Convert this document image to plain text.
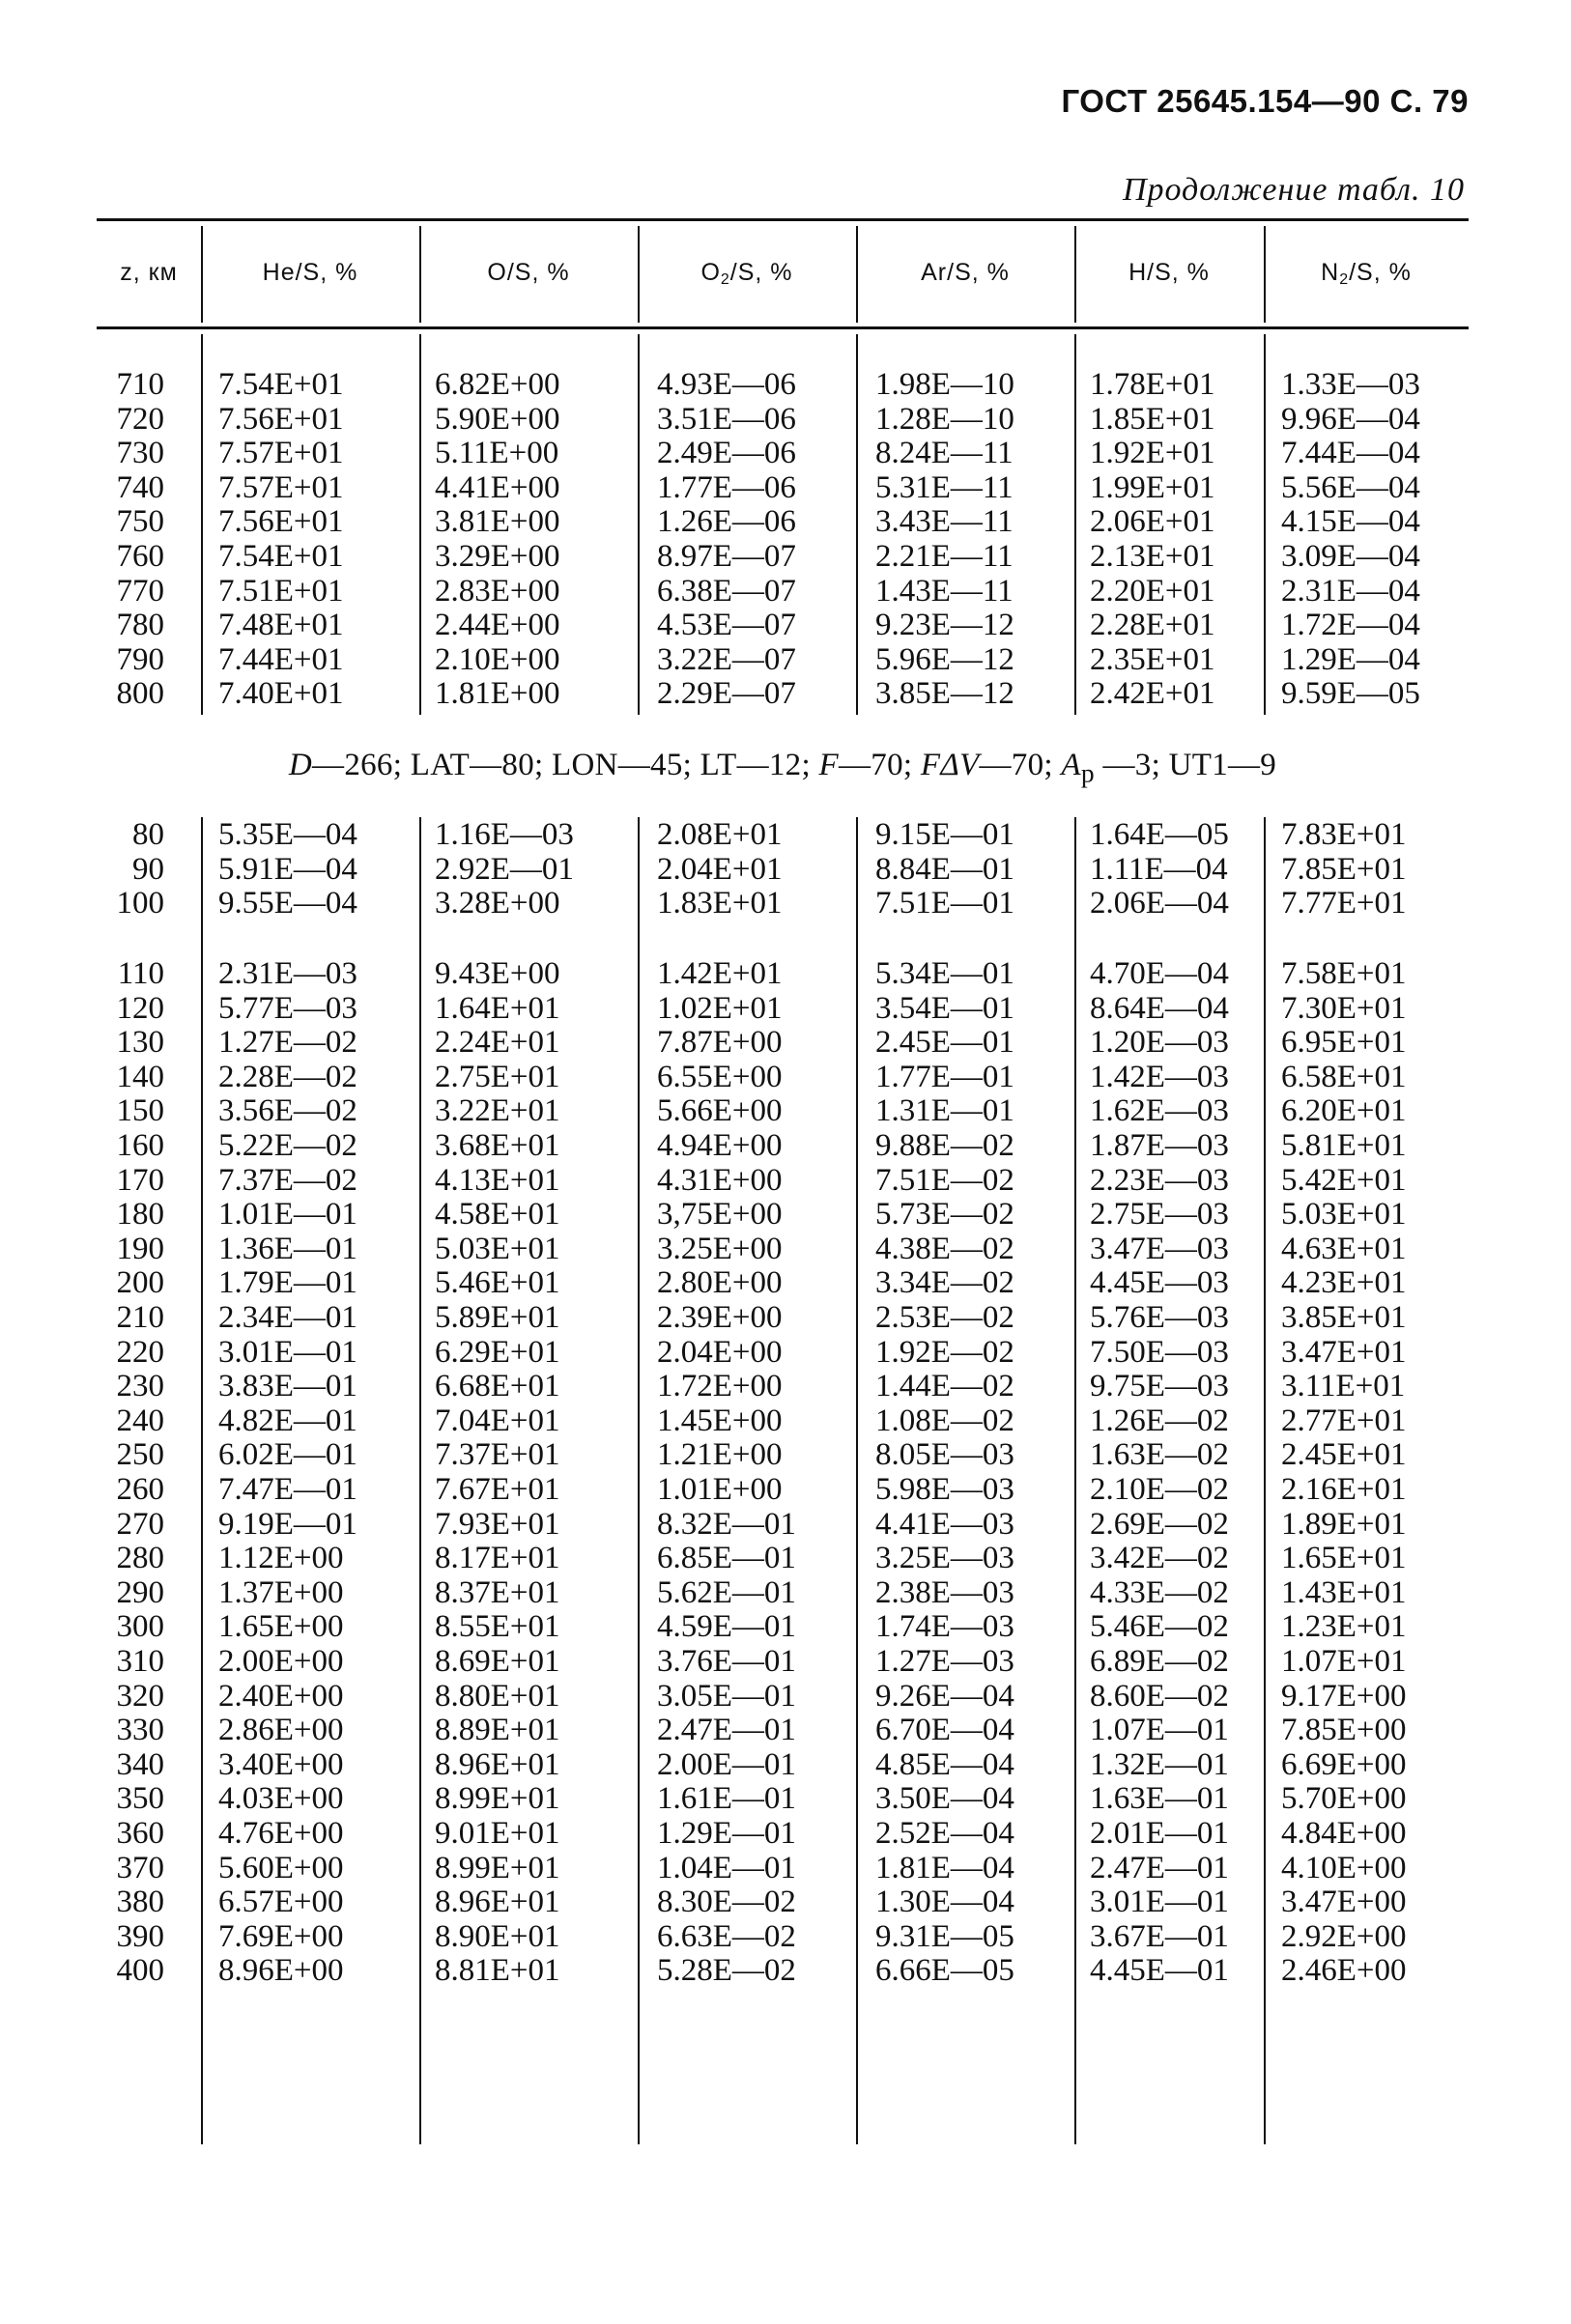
ГОСТ 25645.154—90 С. 79
Продолжение табл. 10
z, км	He/S, %	O/S, %	$O_2/S$, %	Ar/S, %	H/S, %	$N_2/S$, %
710 7.54E+01	6.82E+00	4.93E—06 1.98E—10 1.78E+01 1.33E—03
720 7.56E+01	5.90E+00	3.51E—06 1.28E—10 1.85E+01 9.96E—04
730 7.57E+01	5.11E+00	2.49E—06 8.24E—11 1.92E+01 7.44E—04
740 7.57E+01	4.41E+00	1.77E—06 5.31E—11 1.99E+01 5.56E—04
750 7.56E+01	3.81E+00	1.26E—06 3.43E—11 2.06E+01 4.15E—04
760 7.54E+01	3.29E+00	8.97E—07 2.21E—11 2.13E+01 3.09E—04
770 7.51E+01	2.83E+00	6.38E—07 1.43E—11 2.20E+01 2.31E—04
780 7.48E+01	2.44E+00	4.53E—07 9.23E—12 2.28E+01 1.72E—04
790 7.44E+01	2.10E+00	3.22E—07 5.96E—12 2.35E+01 1.29E—04
800 7.40E+01	1.81E+00	2.29E—07 3.85E—12 2.42E+01 9.59E—05
D—266; LAT—80; LON—45; LT—12; F—70; FΔV—70; $A_p$ —3; UT1—9
80 5.35E—04 1.16E—03	2.08E+01	9.15E—01 1.64E—05 7.83E+01
90 5.91E—04 2.92E—01	2.04E+01	8.84E—01 1.11E—04 7.85E+01
100 9.55E—04 3.28E+00	1.83E+01	7.51E—01 2.06E—04 7.77E+01
110 2.31E—03 9.43E+00	1.42E+01	5.34E—01 4.70E—04 7.58E+01
120 5.77E—03 1.64E+01	1.02E+01	3.54E—01 8.64E—04 7.30E+01
130 1.27E—02 2.24E+01	7.87E+00	2.45E—01 1.20E—03 6.95E+01
140 2.28E—02 2.75E+01	6.55E+00	1.77E—01 1.42E—03 6.58E+01
150 3.56E—02 3.22E+01	5.66E+00	1.31E—01 1.62E—03 6.20E+01
160 5.22E—02 3.68E+01	4.94E+00	9.88E—02 1.87E—03 5.81E+01
170 7.37E—02 4.13E+01	4.31E+00	7.51E—02 2.23E—03 5.42E+01
180 1.01E—01 4.58E+01	3,75E+00	5.73E—02 2.75E—03 5.03E+01
190 1.36E—01 5.03E+01	3.25E+00	4.38E—02 3.47E—03 4.63E+01
200 1.79E—01 5.46E+01	2.80E+00	3.34E—02 4.45E—03 4.23E+01
210 2.34E—01 5.89E+01	2.39E+00	2.53E—02 5.76E—03 3.85E+01
220 3.01E—01 6.29E+01	2.04E+00	1.92E—02 7.50E—03 3.47E+01
230 3.83E—01 6.68E+01	1.72E+00	1.44E—02 9.75E—03 3.11E+01
240 4.82E—01 7.04E+01	1.45E+00	1.08E—02 1.26E—02 2.77E+01
250 6.02E—01 7.37E+01	1.21E+00	8.05E—03 1.63E—02 2.45E+01
260 7.47E—01 7.67E+01	1.01E+00	5.98E—03 2.10E—02 2.16E+01
270 9.19E—01 7.93E+01	8.32E—01 4.41E—03 2.69E—02 1.89E+01
280 1.12E+00	8.17E+01	6.85E—01 3.25E—03 3.42E—02 1.65E+01
290 1.37E+00	8.37E+01	5.62E—01 2.38E—03 4.33E—02 1.43E+01
300 1.65E+00	8.55E+01	4.59E—01 1.74E—03 5.46E—02 1.23E+01
310 2.00E+00	8.69E+01	3.76E—01 1.27E—03 6.89E—02 1.07E+01
320 2.40E+00	8.80E+01	3.05E—01 9.26E—04 8.60E—02 9.17E+00
330 2.86E+00	8.89E+01	2.47E—01 6.70E—04 1.07E—01 7.85E+00
340 3.40E+00	8.96E+01	2.00E—01 4.85E—04 1.32E—01 6.69E+00
350 4.03E+00	8.99E+01	1.61E—01 3.50E—04 1.63E—01 5.70E+00
360 4.76E+00	9.01E+01	1.29E—01 2.52E—04 2.01E—01 4.84E+00
370 5.60E+00	8.99E+01	1.04E—01 1.81E—04 2.47E—01 4.10E+00
380 6.57E+00	8.96E+01	8.30E—02 1.30E—04 3.01E—01 3.47E+00
390 7.69E+00	8.90E+01	6.63E—02 9.31E—05 3.67E—01 2.92E+00
400 8.96E+00	8.81E+01	5.28E—02 6.66E—05 4.45E—01 2.46E+00
